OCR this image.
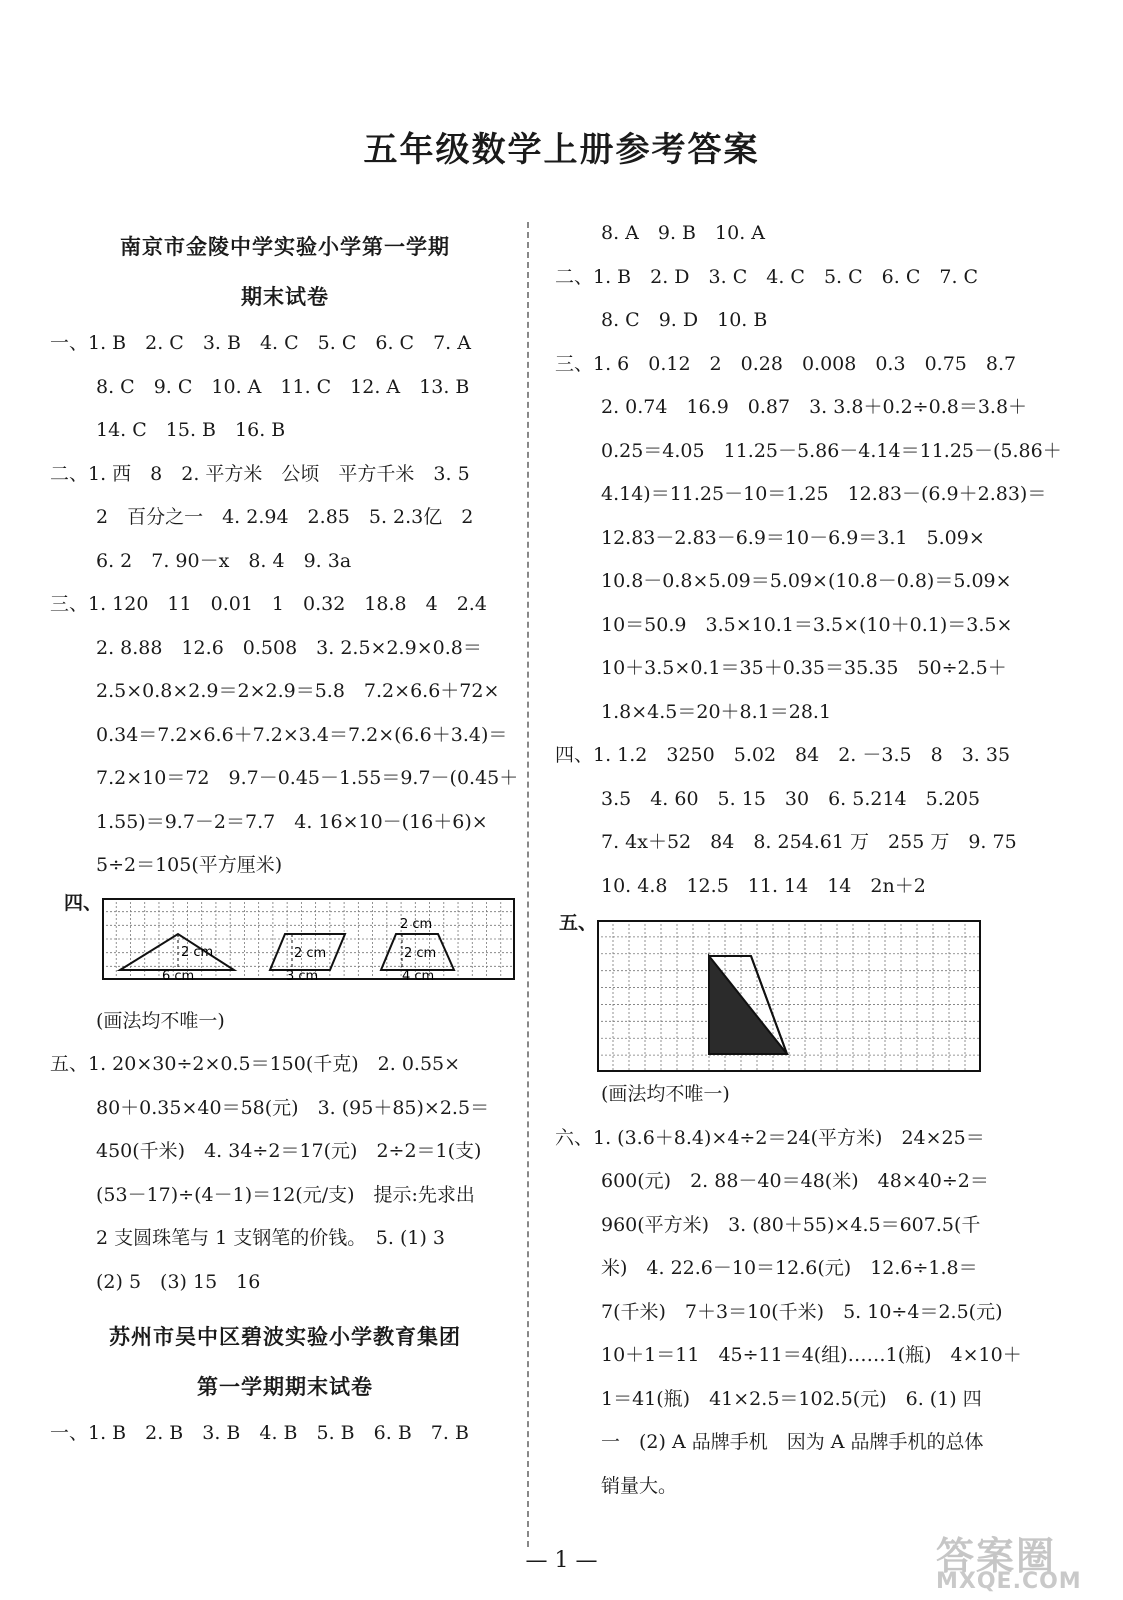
五年级数学上册参考答案
南京市金陵中学实验小学第一学期
期末试卷
一、1. B　2. C　3. B　4. C　5. C　6. C　7. A
8. C　9. C　10. A　11. C　12. A　13. B
14. C　15. B　16. B
二、1. 西　8　2. 平方米　公顷　平方千米　3. 5
2　百分之一　4. 2.94　2.85　5. 2.3亿　2
6. 2　7. 90－x　8. 4　9. 3a
三、1. 120　11　0.01　1　0.32　18.8　4　2.4
2. 8.88　12.6　0.508　3. 2.5×2.9×0.8＝
2.5×0.8×2.9＝2×2.9＝5.8　7.2×6.6＋72×
0.34＝7.2×6.6＋7.2×3.4＝7.2×(6.6＋3.4)＝
7.2×10＝72　9.7－0.45－1.55＝9.7－(0.45＋
1.55)＝9.7－2＝7.7　4. 16×10－(16＋6)×
5÷2＝105(平方厘米)
四、
2 cm
6 cm
2 cm
3 cm
2 cm
2 cm
4 cm
(画法均不唯一)
五、1. 20×30÷2×0.5＝150(千克)　2. 0.55×
80＋0.35×40＝58(元)　3. (95＋85)×2.5＝
450(千米)　4. 34÷2＝17(元)　2÷2＝1(支)
(53－17)÷(4－1)＝12(元/支)　提示:先求出
2 支圆珠笔与 1 支钢笔的价钱。　5. (1) 3
(2) 5　(3) 15　16
苏州市吴中区碧波实验小学教育集团
第一学期期末试卷
一、1. B　2. B　3. B　4. B　5. B　6. B　7. B
8. A　9. B　10. A
二、1. B　2. D　3. C　4. C　5. C　6. C　7. C
8. C　9. D　10. B
三、1. 6　0.12　2　0.28　0.008　0.3　0.75　8.7
2. 0.74　16.9　0.87　3. 3.8＋0.2÷0.8＝3.8＋
0.25＝4.05　11.25－5.86－4.14＝11.25－(5.86＋
4.14)＝11.25－10＝1.25　12.83－(6.9＋2.83)＝
12.83－2.83－6.9＝10－6.9＝3.1　5.09×
10.8－0.8×5.09＝5.09×(10.8－0.8)＝5.09×
10＝50.9　3.5×10.1＝3.5×(10＋0.1)＝3.5×
10＋3.5×0.1＝35＋0.35＝35.35　50÷2.5＋
1.8×4.5＝20＋8.1＝28.1
四、1. 1.2　3250　5.02　84　2. －3.5　8　3. 35
3.5　4. 60　5. 15　30　6. 5.214　5.205
7. 4x＋52　84　8. 254.61 万　255 万　9. 75
10. 4.8　12.5　11. 14　14　2n＋2
五、
(画法均不唯一)
六、1. (3.6＋8.4)×4÷2＝24(平方米)　24×25＝
600(元)　2. 88－40＝48(米)　48×40÷2＝
960(平方米)　3. (80＋55)×4.5＝607.5(千
米)　4. 22.6－10＝12.6(元)　12.6÷1.8＝
7(千米)　7＋3＝10(千米)　5. 10÷4＝2.5(元)
10＋1＝11　45÷11＝4(组)……1(瓶)　4×10＋
1＝41(瓶)　41×2.5＝102.5(元)　6. (1) 四
一　(2) A 品牌手机　因为 A 品牌手机的总体
销量大。
— 1 —	答案圈
MXQE.COM
